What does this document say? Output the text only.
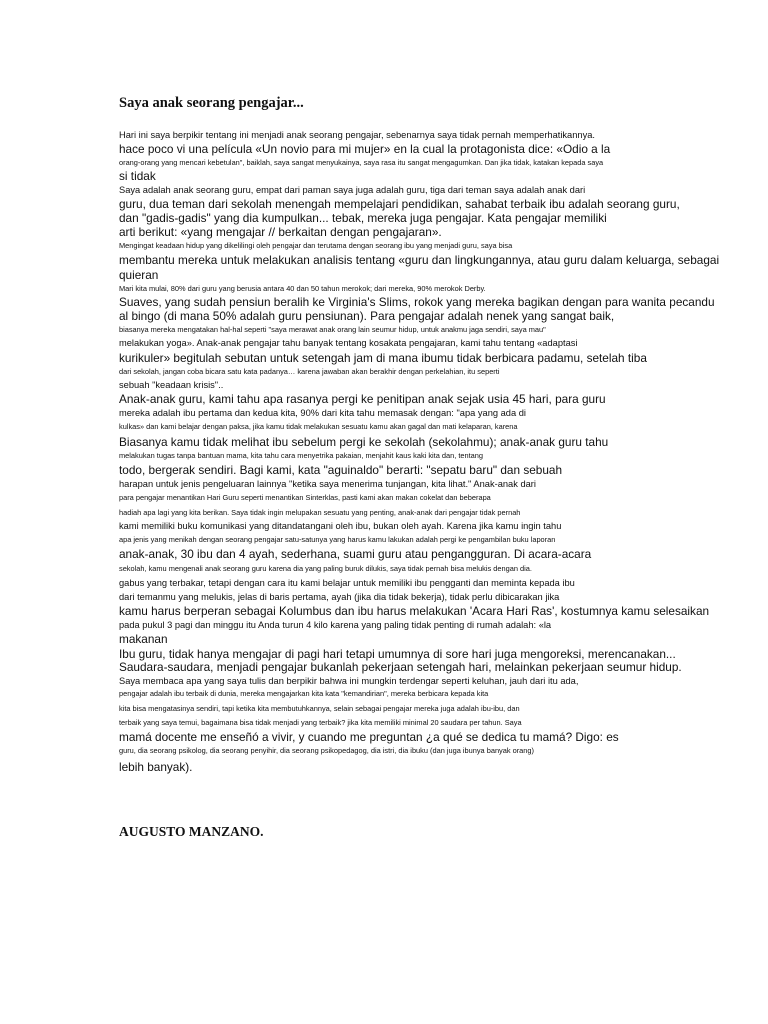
Saya anak seorang pengajar...
Hari ini saya berpikir tentang ini menjadi anak seorang pengajar, sebenarnya saya tidak pernah memperhatikannya.
hace poco vi una película «Un novio para mi mujer» en la cual la protagonista dice: «Odio a la
orang-orang yang mencari kebetulan", baiklah, saya sangat menyukainya, saya rasa itu sangat mengagumkan. Dan jika tidak, katakan kepada saya
si tidak
Saya adalah anak seorang guru, empat dari paman saya juga adalah guru, tiga dari teman saya adalah anak dari
guru, dua teman dari sekolah menengah mempelajari pendidikan, sahabat terbaik ibu adalah seorang guru,
dan "gadis-gadis" yang dia kumpulkan... tebak, mereka juga pengajar. Kata pengajar memiliki
arti berikut: «yang mengajar // berkaitan dengan pengajaran».
Mengingat keadaan hidup yang dikelilingi oleh pengajar dan terutama dengan seorang ibu yang menjadi guru, saya bisa
membantu mereka untuk melakukan analisis tentang «guru dan lingkungannya, atau guru dalam keluarga, sebagai
quieran
Mari kita mulai, 80% dari guru yang berusia antara 40 dan 50 tahun merokok; dari mereka, 90% merokok Derby.
Suaves, yang sudah pensiun beralih ke Virginia's Slims, rokok yang mereka bagikan dengan para wanita pecandu
al bingo (di mana 50% adalah guru pensiunan). Para pengajar adalah nenek yang sangat baik,
biasanya mereka mengatakan hal-hal seperti "saya merawat anak orang lain seumur hidup, untuk anakmu jaga sendiri, saya mau"
melakukan yoga». Anak-anak pengajar tahu banyak tentang kosakata pengajaran, kami tahu tentang «adaptasi
kurikuler» begitulah sebutan untuk setengah jam di mana ibumu tidak berbicara padamu, setelah tiba
dari sekolah, jangan coba bicara satu kata padanya… karena jawaban akan berakhir dengan perkelahian, itu seperti
sebuah "keadaan krisis"..
Anak-anak guru, kami tahu apa rasanya pergi ke penitipan anak sejak usia 45 hari, para guru
mereka adalah ibu pertama dan kedua kita, 90% dari kita tahu memasak dengan: "apa yang ada di
kulkas» dan kami belajar dengan paksa, jika kamu tidak melakukan sesuatu kamu akan gagal dan mati kelaparan, karena
Biasanya kamu tidak melihat ibu sebelum pergi ke sekolah (sekolahmu); anak-anak guru tahu
melakukan tugas tanpa bantuan mama, kita tahu cara menyetrika pakaian, menjahit kaus kaki kita dan, tentang
todo, bergerak sendiri. Bagi kami, kata "aguinaldo" berarti: "sepatu baru" dan sebuah
harapan untuk jenis pengeluaran lainnya "ketika saya menerima tunjangan, kita lihat." Anak-anak dari
para pengajar menantikan Hari Guru seperti menantikan Sinterklas, pasti kami akan makan cokelat dan beberapa
hadiah apa lagi yang kita berikan. Saya tidak ingin melupakan sesuatu yang penting, anak-anak dari pengajar tidak pernah
kami memiliki buku komunikasi yang ditandatangani oleh ibu, bukan oleh ayah. Karena jika kamu ingin tahu
apa jenis yang menikah dengan seorang pengajar satu-satunya yang harus kamu lakukan adalah pergi ke pengambilan buku laporan
anak-anak, 30 ibu dan 4 ayah, sederhana, suami guru atau pengangguran. Di acara-acara
sekolah, kamu mengenali anak seorang guru karena dia yang paling buruk dilukis, saya tidak pernah bisa melukis dengan dia.
gabus yang terbakar, tetapi dengan cara itu kami belajar untuk memiliki ibu pengganti dan meminta kepada ibu
dari temanmu yang melukis, jelas di baris pertama, ayah (jika dia tidak bekerja), tidak perlu dibicarakan jika
kamu harus berperan sebagai Kolumbus dan ibu harus melakukan 'Acara Hari Ras', kostumnya kamu selesaikan
pada pukul 3 pagi dan minggu itu Anda turun 4 kilo karena yang paling tidak penting di rumah adalah: «la
makanan
Ibu guru, tidak hanya mengajar di pagi hari tetapi umumnya di sore hari juga mengoreksi, merencanakan...
Saudara-saudara, menjadi pengajar bukanlah pekerjaan setengah hari, melainkan pekerjaan seumur hidup.
Saya membaca apa yang saya tulis dan berpikir bahwa ini mungkin terdengar seperti keluhan, jauh dari itu ada,
pengajar adalah ibu terbaik di dunia, mereka mengajarkan kita kata "kemandirian", mereka berbicara kepada kita
kita bisa mengatasinya sendiri, tapi ketika kita membutuhkannya, selain sebagai pengajar mereka juga adalah ibu-ibu, dan
terbaik yang saya temui, bagaimana bisa tidak menjadi yang terbaik? jika kita memiliki minimal 20 saudara per tahun. Saya
mamá docente me enseñó a vivir, y cuando me preguntan ¿a qué se dedica tu mamá? Digo: es
guru, dia seorang psikolog, dia seorang penyihir, dia seorang psikopedagog, dia istri, dia ibuku (dan juga ibunya banyak orang)
lebih banyak).

AUGUSTO MANZANO.
